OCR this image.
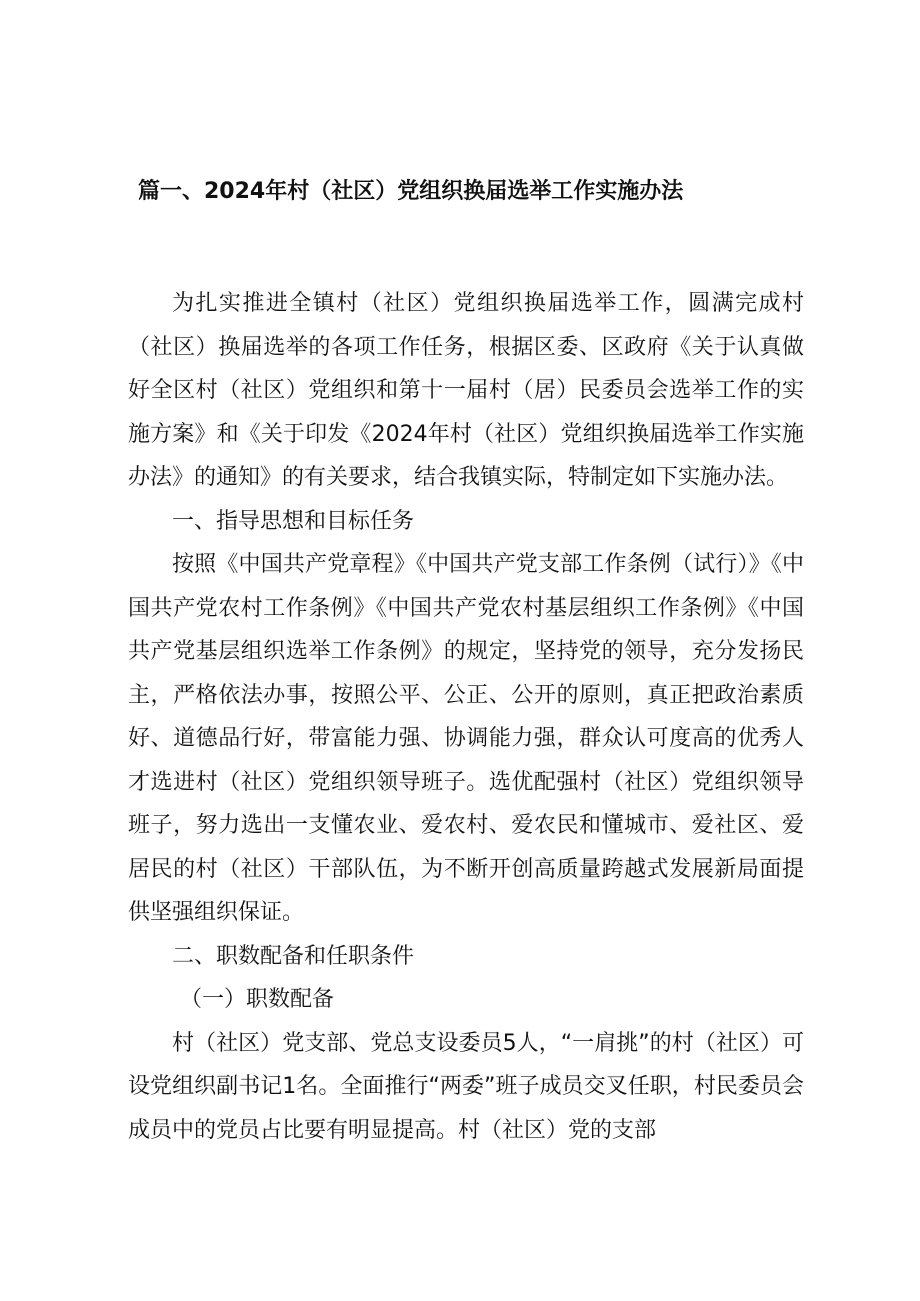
篇一、2024年村（社区）党组织换届选举工作实施办法

为扎实推进全镇村（社区）党组织换届选举工作，圆满完成村（社区）换届选举的各项工作任务，根据区委、区政府《关于认真做好全区村（社区）党组织和第十一届村（居）民委员会选举工作的实施方案》和《关于印发《2024年村（社区）党组织换届选举工作实施办法》的通知》的有关要求，结合我镇实际，特制定如下实施办法。

一、指导思想和目标任务

按照《中国共产党章程》《中国共产党支部工作条例（试行）》《中国共产党农村工作条例》《中国共产党农村基层组织工作条例》《中国共产党基层组织选举工作条例》的规定，坚持党的领导，充分发扬民主，严格依法办事，按照公平、公正、公开的原则，真正把政治素质好、道德品行好，带富能力强、协调能力强，群众认可度高的优秀人才选进村（社区）党组织领导班子。选优配强村（社区）党组织领导班子，努力选出一支懂农业、爱农村、爱农民和懂城市、爱社区、爱居民的村（社区）干部队伍，为不断开创高质量跨越式发展新局面提供坚强组织保证。

二、职数配备和任职条件

（一）职数配备

村（社区）党支部、党总支设委员5人，“一肩挑”的村（社区）可设党组织副书记1名。全面推行“两委”班子成员交叉任职，村民委员会成员中的党员占比要有明显提高。村（社区）党的支部
